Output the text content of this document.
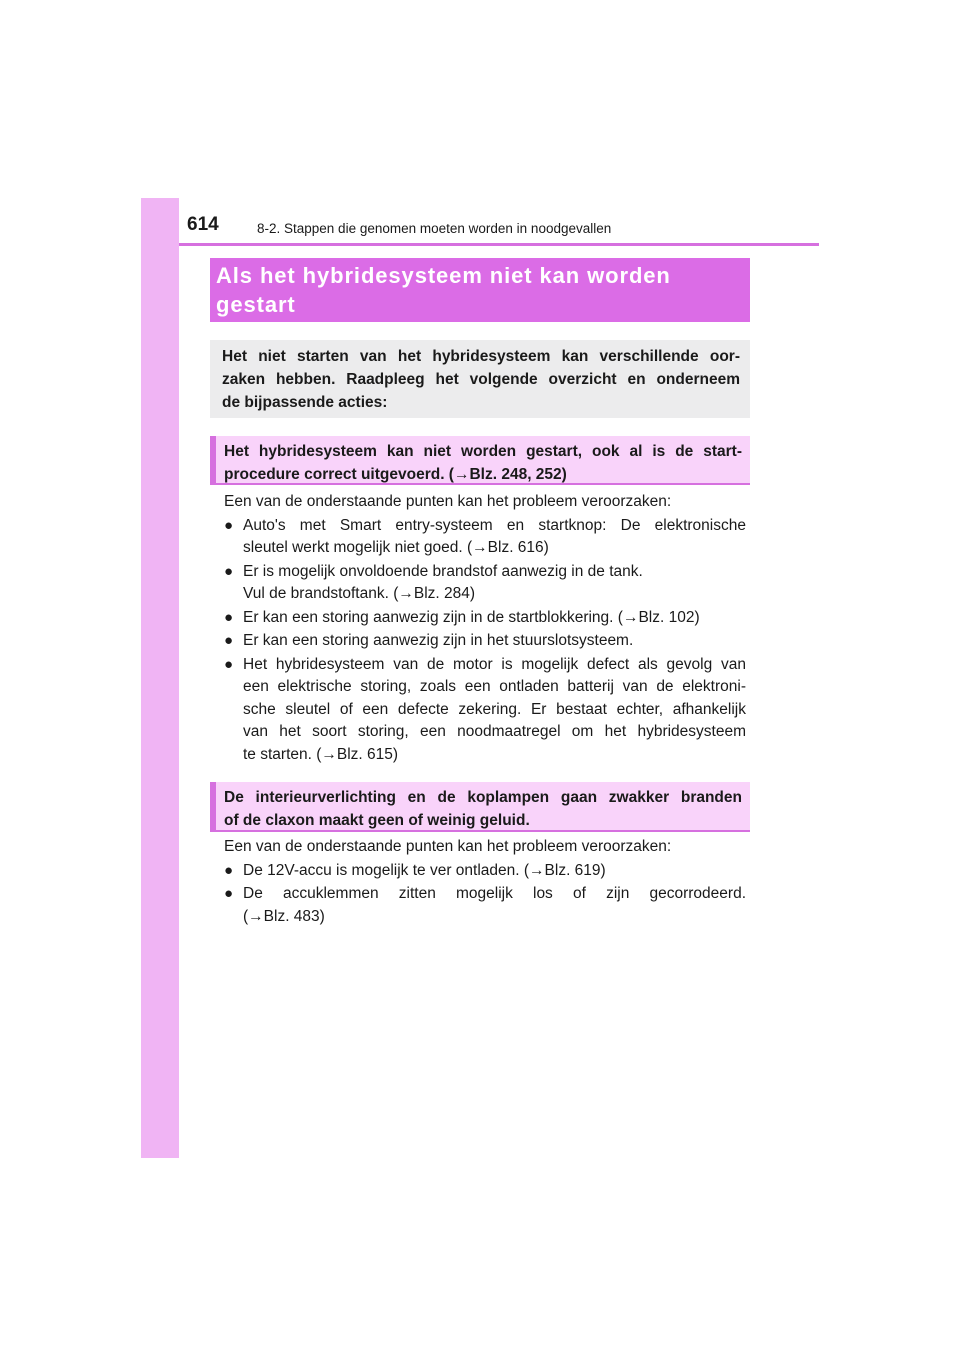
614	8-2. Stappen die genomen moeten worden in noodgevallen

Als het hybridesysteem niet kan worden
gestart

Het niet starten van het hybridesysteem kan verschillende oor-
zaken hebben. Raadpleeg het volgende overzicht en onderneem
de bijpassende acties:
Het hybridesysteem kan niet worden gestart, ook al is de start-
procedure correct uitgevoerd. (→Blz. 248, 252)

Een van de onderstaande punten kan het probleem veroorzaken:

● Auto's met Smart entry-systeem en startknop: De elektronische
sleutel werkt mogelijk niet goed. (→Blz. 616)
● Er is mogelijk onvoldoende brandstof aanwezig in de tank.
Vul de brandstoftank. (→Blz. 284)
● Er kan een storing aanwezig zijn in de startblokkering. (→Blz. 102)
● Er kan een storing aanwezig zijn in het stuurslotsysteem.
● Het hybridesysteem van de motor is mogelijk defect als gevolg van
een elektrische storing, zoals een ontladen batterij van de elektroni-
sche sleutel of een defecte zekering. Er bestaat echter, afhankelijk
van het soort storing, een noodmaatregel om het hybridesysteem
te starten. (→Blz. 615)
De interieurverlichting en de koplampen gaan zwakker branden
of de claxon maakt geen of weinig geluid.

Een van de onderstaande punten kan het probleem veroorzaken:

● De 12V-accu is mogelijk te ver ontladen. (→Blz. 619)
● De accuklemmen zitten mogelijk los of zijn gecorrodeerd.
(→Blz. 483)
